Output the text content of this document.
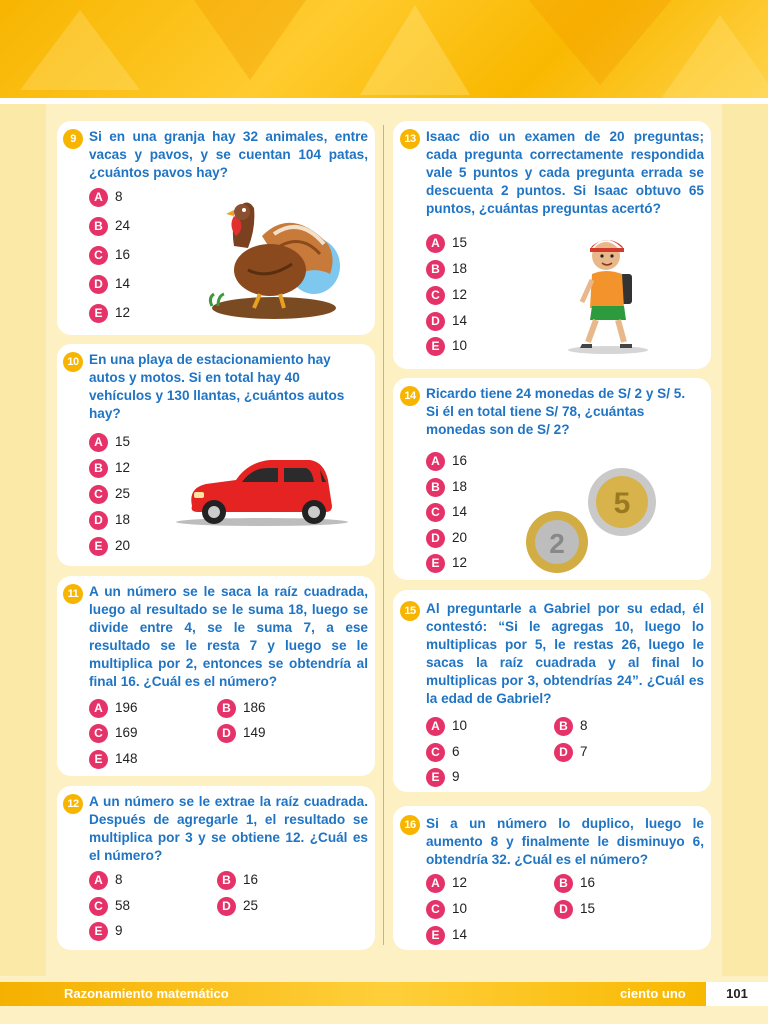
9 Si en una granja hay 32 animales, entre vacas y pavos, y se cuentan 104 patas, ¿cuántos pavos hay?
A 8
B 24
C 16
D 14
E 12
10 En una playa de estacionamiento hay autos y motos. Si en total hay 40 vehículos y 130 llantas, ¿cuántos autos hay?
A 15
B 12
C 25
D 18
E 20
11 A un número se le saca la raíz cuadrada, luego al resultado se le suma 18, luego se divide entre 4, se le suma 7, a ese resultado se le resta 7 y luego se le multiplica por 2, entonces se obtendría al final 16. ¿Cuál es el número?
A 196	B 186
C 169	D 149
E 148
12 A un número se le extrae la raíz cuadrada. Después de agregarle 1, el resultado se multiplica por 3 y se obtiene 12. ¿Cuál es el número?
A 8	B 16
C 58	D 25
E 9
13 Isaac dio un examen de 20 preguntas; cada pregunta correctamente respondida vale 5 puntos y cada pregunta errada se descuenta 2 puntos. Si Isaac obtuvo 65 puntos, ¿cuántas preguntas acertó?
A 15
B 18
C 12
D 14
E 10
14 Ricardo tiene 24 monedas de S/ 2 y S/ 5. Si él en total tiene S/ 78, ¿cuántas monedas son de S/ 2?
A 16
B 18
C 14
D 20
E 12
5
2
15 Al preguntarle a Gabriel por su edad, él contestó: “Si le agregas 10, luego lo multiplicas por 5, le restas 26, luego le sacas la raíz cuadrada y al final lo multiplicas por 3, obtendrías 24”. ¿Cuál es la edad de Gabriel?
A 10	B 8
C 6	D 7
E 9
16 Si a un número lo duplico, luego le aumento 8 y finalmente le disminuyo 6, obtendría 32. ¿Cuál es el número?
A 12	B 16
C 10	D 15
E 14
Razonamiento matemático	ciento uno	101
